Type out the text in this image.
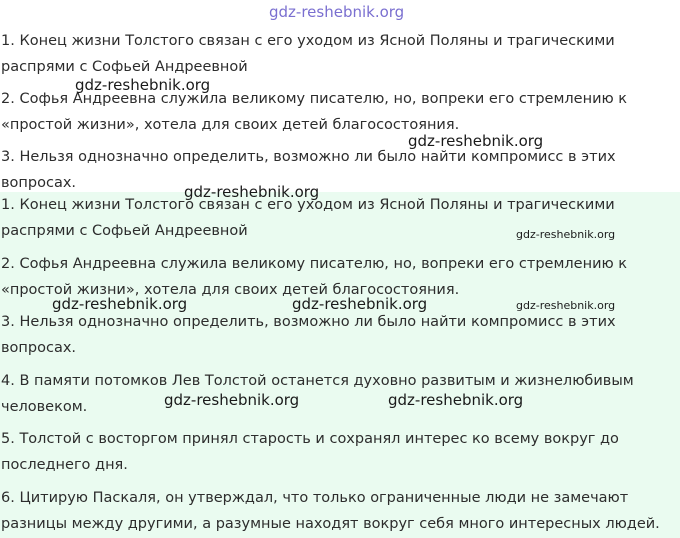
gdz-reshebnik.org
1. Конец жизни Толстого связан с его уходом из Ясной Поляны и трагическими распрями с Софьей Андреевной
2. Софья Андреевна служила великому писателю, но, вопреки его стремлению к «простой жизни», хотела для своих детей благосостояния.
3. Нельзя однозначно определить, возможно ли было найти компромисс в этих вопросах.
1. Конец жизни Толстого связан с его уходом из Ясной Поляны и трагическими распрями с Софьей Андреевной
2. Софья Андреевна служила великому писателю, но, вопреки его стремлению к «простой жизни», хотела для своих детей благосостояния.
3. Нельзя однозначно определить, возможно ли было найти компромисс в этих вопросах.
4. В памяти потомков Лев Толстой останется духовно развитым и жизнелюбивым человеком.
5. Толстой с восторгом принял старость и сохранял интерес ко всему вокруг до последнего дня.
6. Цитирую Паскаля, он утверждал, что только ограниченные люди не замечают разницы между другими, а разумные находят вокруг себя много интересных людей.
gdz-reshebnik.org
gdz-reshebnik.org
gdz-reshebnik.org
gdz-reshebnik.org
gdz-reshebnik.org	gdz-reshebnik.org	gdz-reshebnik.org
gdz-reshebnik.org	gdz-reshebnik.org
